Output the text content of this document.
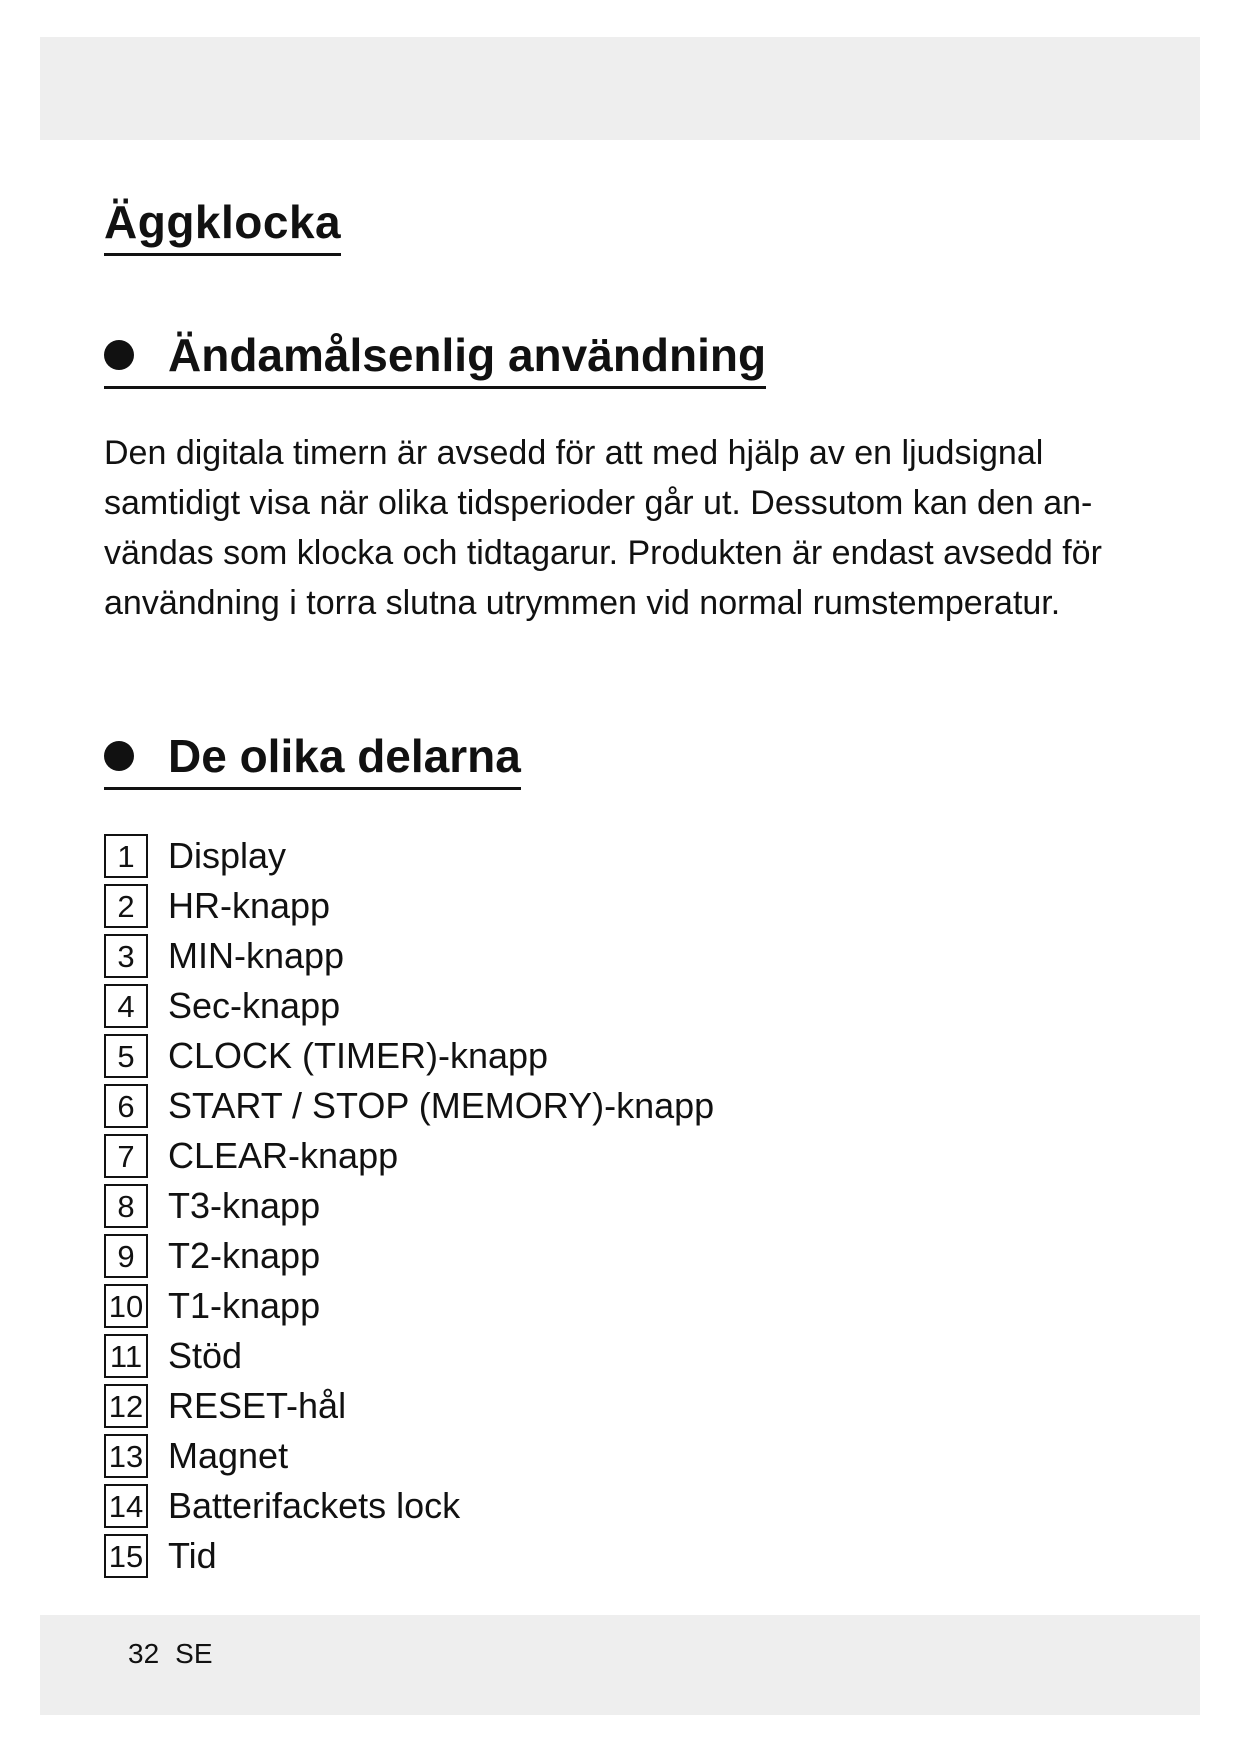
Äggklocka
Ändamålsenlig användning
Den digitala timern är avsedd för att med hjälp av en ljudsignal
samtidigt visa när olika tidsperioder går ut. Dessutom kan den an-
vändas som klocka och tidtagarur. Produkten är endast avsedd för
användning i torra slutna utrymmen vid normal rumstemperatur.
De olika delarna
1 Display
2 HR-knapp
3 MIN-knapp
4 Sec-knapp
5 CLOCK (TIMER)-knapp
6 START / STOP (MEMORY)-knapp
7 CLEAR-knapp
8 T3-knapp
9 T2-knapp
10 T1-knapp
11 Stöd
12 RESET-hål
13 Magnet
14 Batterifackets lock
15 Tid
32 SE
